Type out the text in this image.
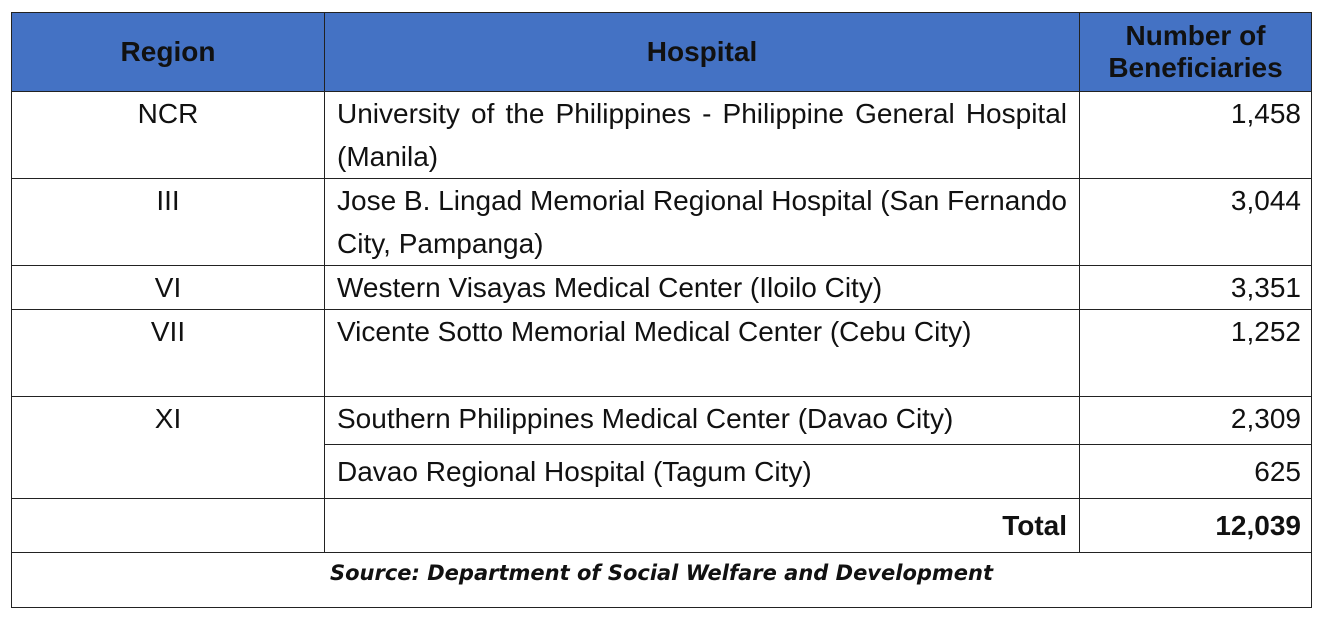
Region	Hospital	Number of Beneficiaries
NCR	University of the Philippines - Philippine General Hospital (Manila)	1,458
III	Jose B. Lingad Memorial Regional Hospital (San Fernando City, Pampanga)	3,044
VI	Western Visayas Medical Center (Iloilo City)	3,351
VII	Vicente Sotto Memorial Medical Center (Cebu City)	1,252
XI	Southern Philippines Medical Center (Davao City)	2,309
	Davao Regional Hospital (Tagum City)	625
	Total	12,039
Source: Department of Social Welfare and Development		
